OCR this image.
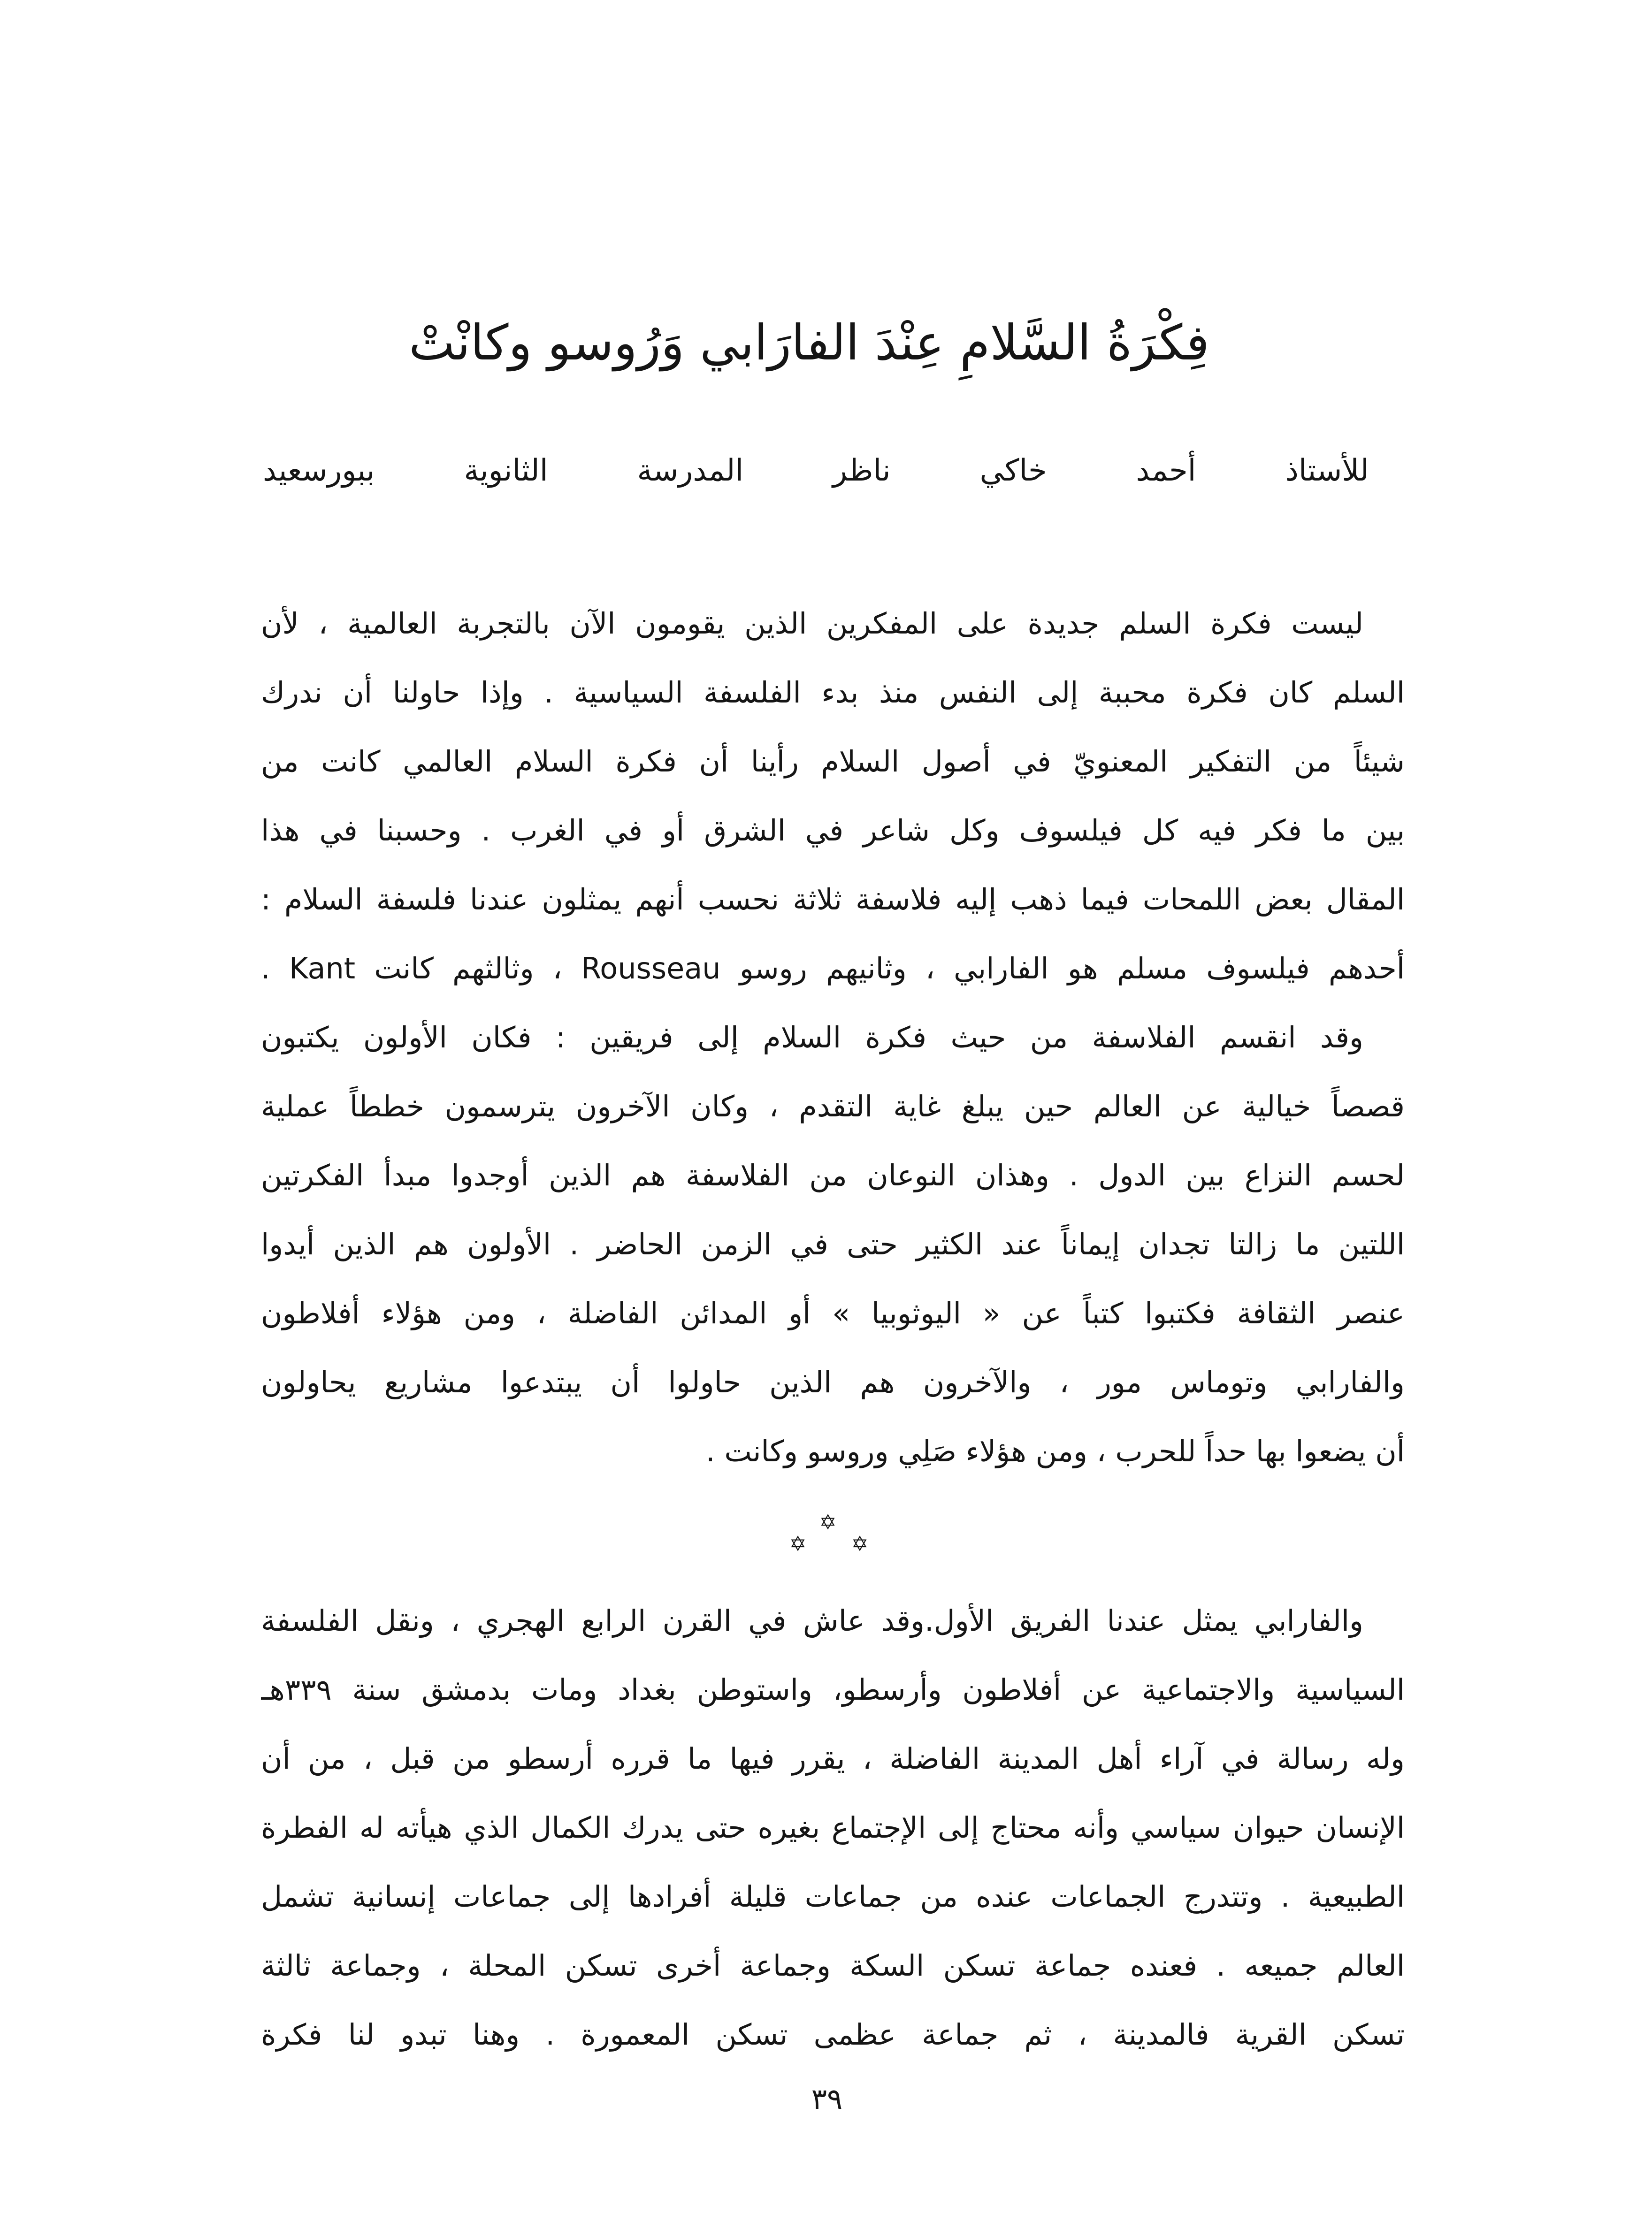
فِكْرَةُ السَّلامِ عِنْدَ الفارَابي وَرُوسو وكانْتْ
للأستاذ أحمد خاكي ناظر المدرسة الثانوية ببورسعيد
ليست فكرة السلم جديدة على المفكرين الذين يقومون الآن بالتجربة العالمية ، لأن
السلم كان فكرة محببة إلى النفس منذ بدء الفلسفة السياسية . وإذا حاولنا أن ندرك
شيئاً من التفكير المعنويّ في أصول السلام رأينا أن فكرة السلام العالمي كانت من
بين ما فكر فيه كل فيلسوف وكل شاعر في الشرق أو في الغرب . وحسبنا في هذا
المقال بعض اللمحات فيما ذهب إليه فلاسفة ثلاثة نحسب أنهم يمثلون عندنا فلسفة السلام :
أحدهم فيلسوف مسلم هو الفارابي ، وثانيهم روسو Rousseau ، وثالثهم كانت Kant .
وقد انقسم الفلاسفة من حيث فكرة السلام إلى فريقين : فكان الأولون يكتبون
قصصاً خيالية عن العالم حين يبلغ غاية التقدم ، وكان الآخرون يترسمون خططاً عملية
لحسم النزاع بين الدول . وهذان النوعان من الفلاسفة هم الذين أوجدوا مبدأ الفكرتين
اللتين ما زالتا تجدان إيماناً عند الكثير حتى في الزمن الحاضر . الأولون هم الذين أيدوا
عنصر الثقافة فكتبوا كتباً عن « اليوثوبيا » أو المدائن الفاضلة ، ومن هؤلاء أفلاطون
والفارابي وتوماس مور ، والآخرون هم الذين حاولوا أن يبتدعوا مشاريع يحاولون
أن يضعوا بها حداً للحرب ، ومن هؤلاء صَلِي وروسو وكانت .
✡
✡ ✡
والفارابي يمثل عندنا الفريق الأول.وقد عاش في القرن الرابع الهجري ، ونقل الفلسفة
السياسية والاجتماعية عن أفلاطون وأرسطو، واستوطن بغداد ومات بدمشق سنة ٣٣٩هـ
وله رسالة في آراء أهل المدينة الفاضلة ، يقرر فيها ما قرره أرسطو من قبل ، من أن
الإنسان حيوان سياسي وأنه محتاج إلى الإجتماع بغيره حتى يدرك الكمال الذي هيأته له الفطرة
الطبيعية . وتتدرج الجماعات عنده من جماعات قليلة أفرادها إلى جماعات إنسانية تشمل
العالم جميعه . فعنده جماعة تسكن السكة وجماعة أخرى تسكن المحلة ، وجماعة ثالثة
تسكن القرية فالمدينة ، ثم جماعة عظمى تسكن المعمورة . وهنا تبدو لنا فكرة
٣٩
